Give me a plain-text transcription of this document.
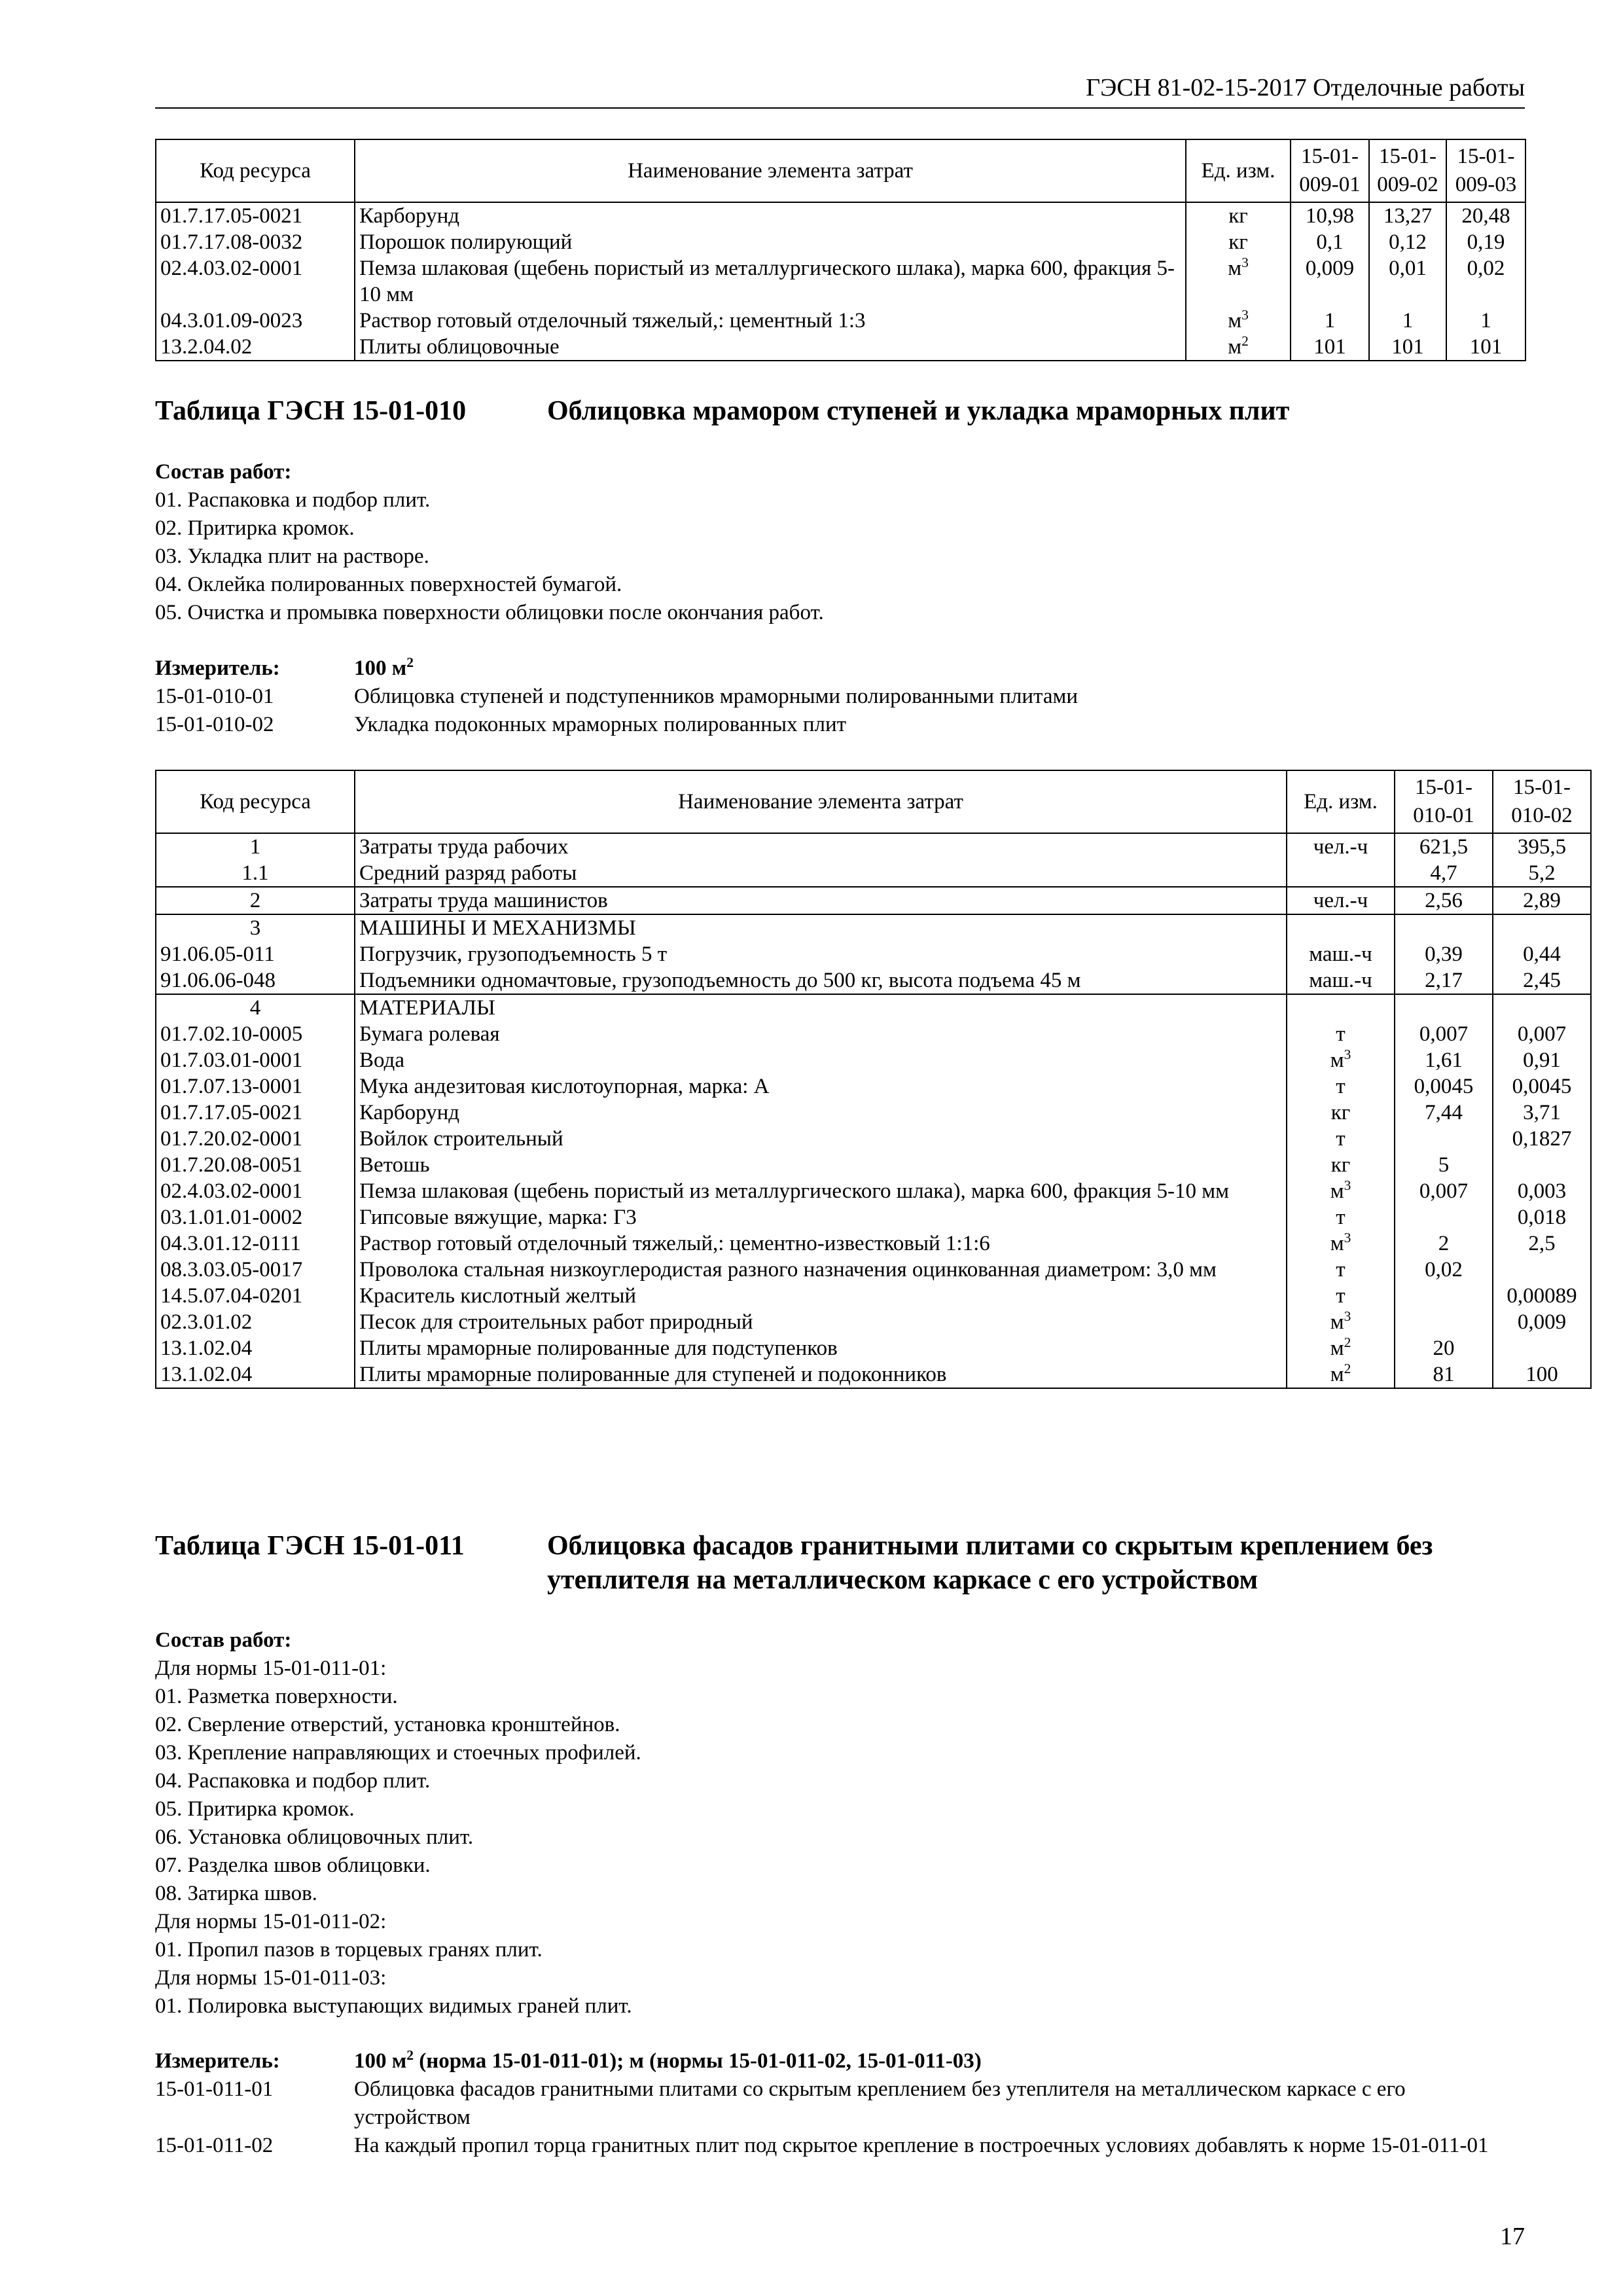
ГЭСН 81-02-15-2017 Отделочные работы
Код ресурса	Наименование элемента затрат	Ед. изм.	15-01-009-01	15-01-009-02	15-01-009-03
01.7.17.05-0021	Карборунд	кг	10,98	13,27	20,48
01.7.17.08-0032	Порошок полирующий	кг	0,1	0,12	0,19
02.4.03.02-0001	Пемза шлаковая (щебень пористый из металлургического шлака), марка 600, фракция 5-10 мм	$м^3$	0,009	0,01	0,02
04.3.01.09-0023	Раствор готовый отделочный тяжелый,: цементный 1:3	$м^3$	1	1	1
13.2.04.02	Плиты облицовочные	$м^2$	101	101	101
Таблица ГЭСН 15-01-010	Облицовка мрамором ступеней и укладка мраморных плит
Состав работ:
01. Распаковка и подбор плит.
02. Притирка кромок.
03. Укладка плит на растворе.
04. Оклейка полированных поверхностей бумагой.
05. Очистка и промывка поверхности облицовки после окончания работ.
Измеритель:	100 $м^2$
15-01-010-01	Облицовка ступеней и подступенников мраморными полированными плитами
15-01-010-02	Укладка подоконных мраморных полированных плит
Код ресурса	Наименование элемента затрат	Ед. изм.	15-01-010-01	15-01-010-02
1	Затраты труда рабочих	чел.-ч	621,5	395,5
1.1	Средний разряд работы		4,7	5,2
2	Затраты труда машинистов	чел.-ч	2,56	2,89
3	МАШИНЫ И МЕХАНИЗМЫ			
91.06.05-011	Погрузчик, грузоподъемность 5 т	маш.-ч	0,39	0,44
91.06.06-048	Подъемники одномачтовые, грузоподъемность до 500 кг, высота подъема 45 м	маш.-ч	2,17	2,45
4	МАТЕРИАЛЫ			
01.7.02.10-0005	Бумага ролевая	т	0,007	0,007
01.7.03.01-0001	Вода	$м^3$	1,61	0,91
01.7.07.13-0001	Мука андезитовая кислотоупорная, марка: А	т	0,0045	0,0045
01.7.17.05-0021	Карборунд	кг	7,44	3,71
01.7.20.02-0001	Войлок строительный	т		0,1827
01.7.20.08-0051	Ветошь	кг	5	
02.4.03.02-0001	Пемза шлаковая (щебень пористый из металлургического шлака), марка 600, фракция 5-10 мм	$м^3$	0,007	0,003
03.1.01.01-0002	Гипсовые вяжущие, марка: Г3	т		0,018
04.3.01.12-0111	Раствор готовый отделочный тяжелый,: цементно-известковый 1:1:6	$м^3$	2	2,5
08.3.03.05-0017	Проволока стальная низкоуглеродистая разного назначения оцинкованная диаметром: 3,0 мм	т	0,02	
14.5.07.04-0201	Краситель кислотный желтый	т		0,00089
02.3.01.02	Песок для строительных работ природный	$м^3$		0,009
13.1.02.04	Плиты мраморные полированные для подступенков	$м^2$	20	
13.1.02.04	Плиты мраморные полированные для ступеней и подоконников	$м^2$	81	100
Таблица ГЭСН 15-01-011	Облицовка фасадов гранитными плитами со скрытым креплением без
утеплителя на металлическом каркасе с его устройством
Состав работ:
Для нормы 15-01-011-01:
01. Разметка поверхности.
02. Сверление отверстий, установка кронштейнов.
03. Крепление направляющих и стоечных профилей.
04. Распаковка и подбор плит.
05. Притирка кромок.
06. Установка облицовочных плит.
07. Разделка швов облицовки.
08. Затирка швов.
Для нормы 15-01-011-02:
01. Пропил пазов в торцевых гранях плит.
Для нормы 15-01-011-03:
01. Полировка выступающих видимых граней плит.
Измеритель:	100 $м^2$ (норма 15-01-011-01); м (нормы 15-01-011-02, 15-01-011-03)
15-01-011-01	Облицовка фасадов гранитными плитами со скрытым креплением без утеплителя на металлическом каркасе с его устройством
15-01-011-02	На каждый пропил торца гранитных плит под скрытое крепление в построечных условиях добавлять к норме 15-01-011-01
17
